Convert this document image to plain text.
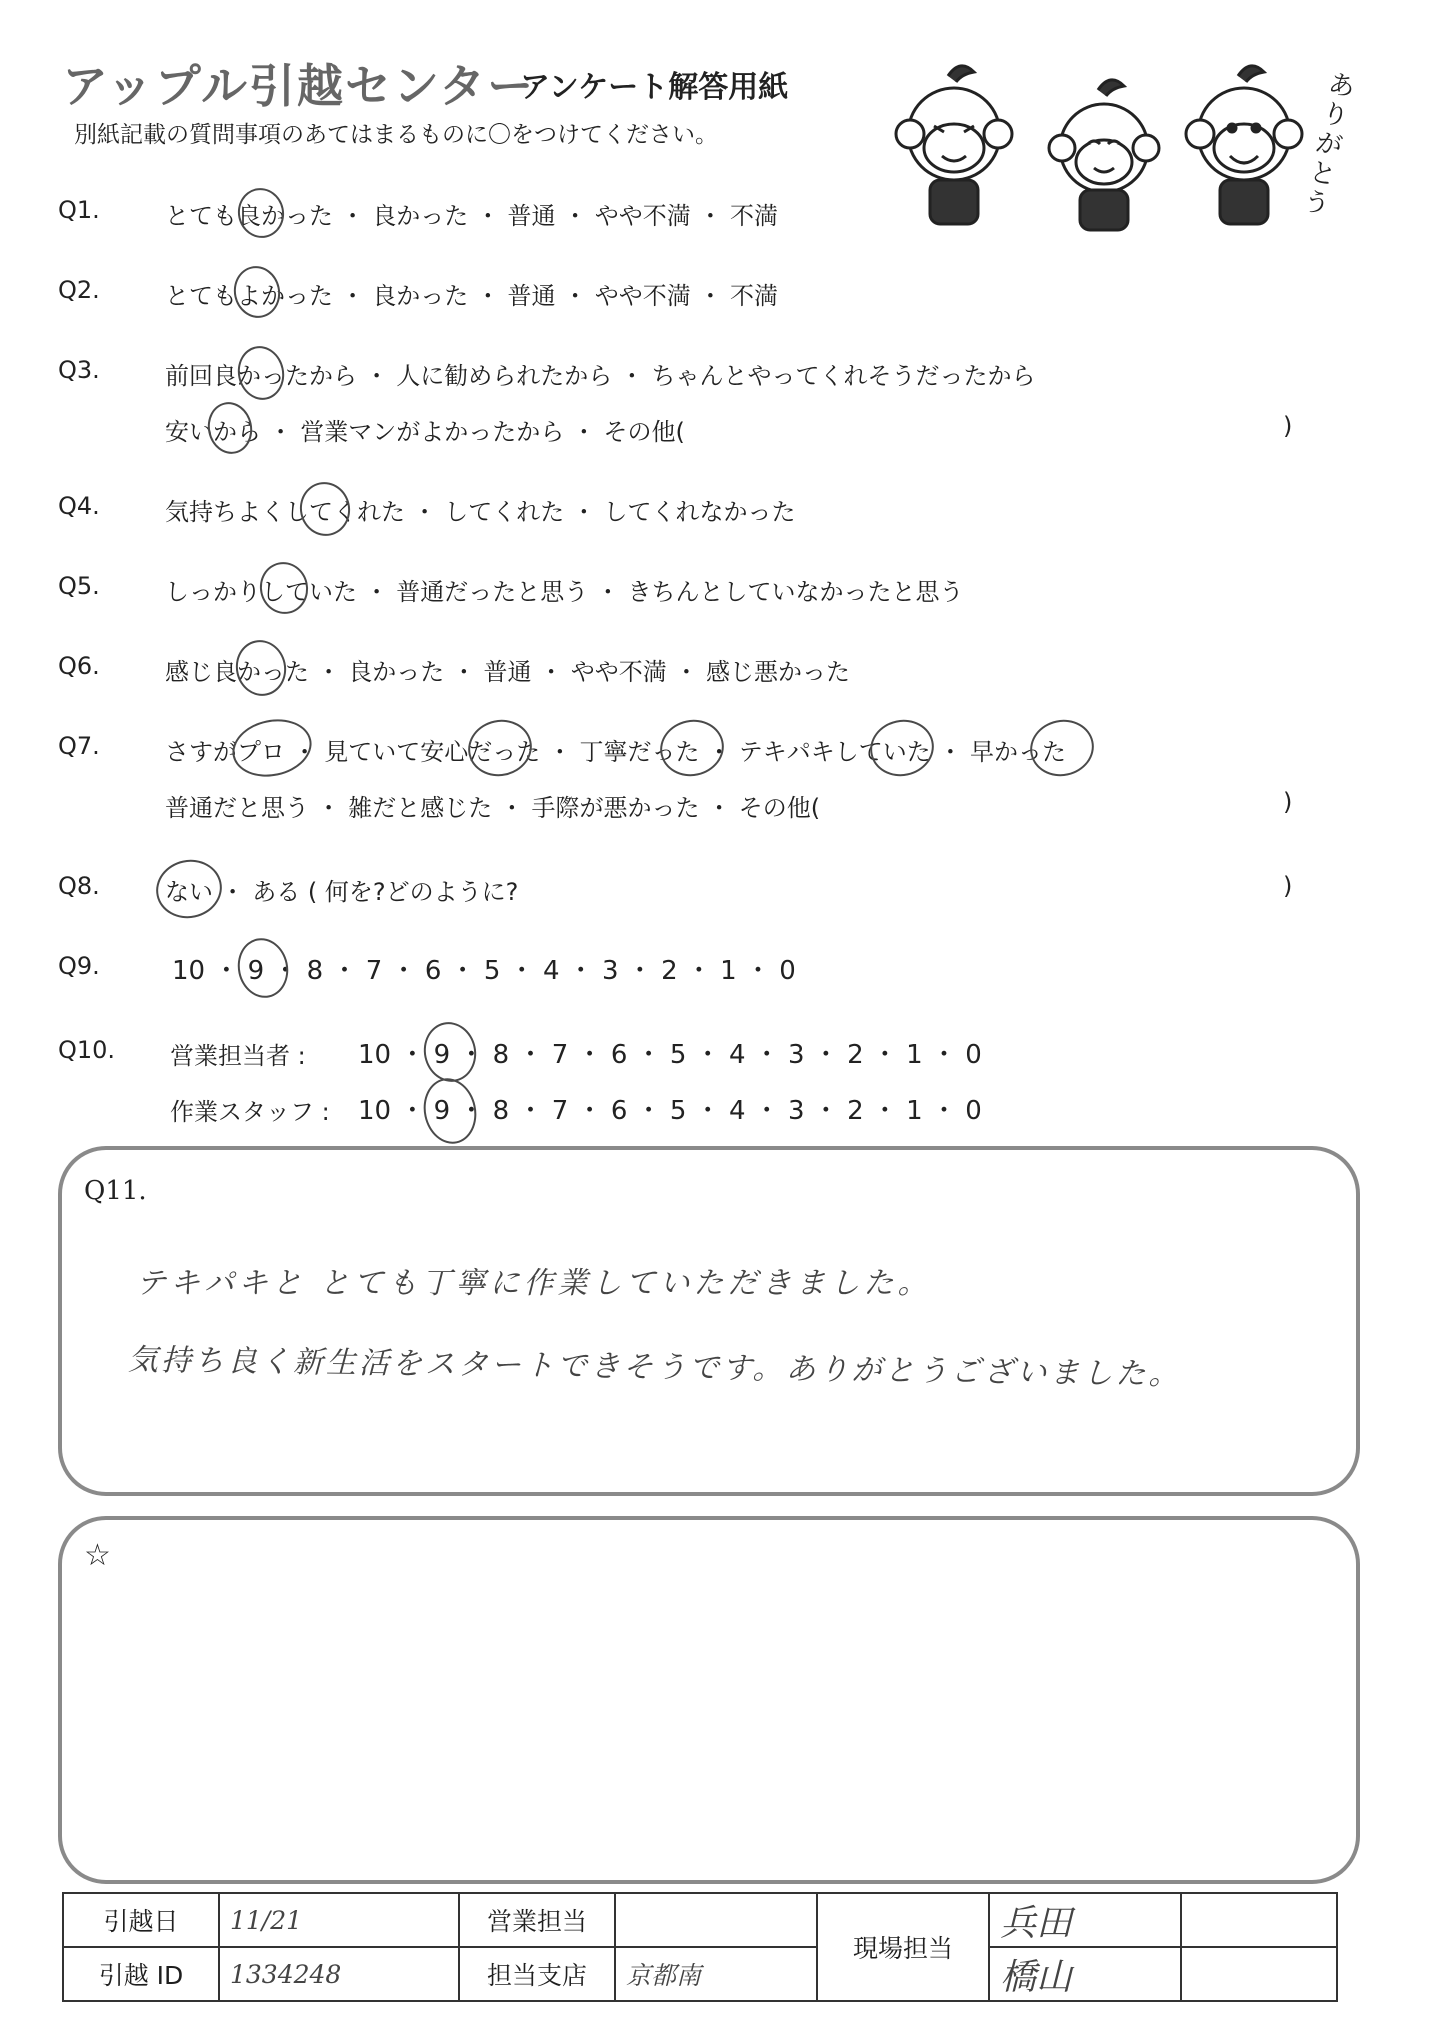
アップル引越センター
アンケート解答用紙
別紙記載の質問事項のあてはまるものに〇をつけてください。
ありがとう
Q1.	とても良かった ・ 良かった ・ 普通 ・ やや不満 ・ 不満
Q2.	とてもよかった ・ 良かった ・ 普通 ・ やや不満 ・ 不満
Q3.	前回良かったから ・ 人に勧められたから ・ ちゃんとやってくれそうだったから
安いから ・ 営業マンがよかったから ・ その他(	)
Q4.	気持ちよくしてくれた ・ してくれた ・ してくれなかった
Q5.	しっかりしていた ・ 普通だったと思う ・ きちんとしていなかったと思う
Q6.	感じ良かった ・ 良かった ・ 普通 ・ やや不満 ・ 感じ悪かった
Q7.	さすがプロ ・ 見ていて安心だった ・ 丁寧だった ・ テキパキしていた ・ 早かった
普通だと思う ・ 雑だと感じた ・ 手際が悪かった ・ その他(	)
Q8.	ない ・ ある ( 何を?どのように?	)
Q9.	10 ・ 9 ・ 8 ・ 7 ・ 6 ・ 5 ・ 4 ・ 3 ・ 2 ・ 1 ・ 0
Q10. 営業担当者 : 10 ・ 9 ・ 8 ・ 7 ・ 6 ・ 5 ・ 4 ・ 3 ・ 2 ・ 1 ・ 0
作業スタッフ : 10 ・ 9 ・ 8 ・ 7 ・ 6 ・ 5 ・ 4 ・ 3 ・ 2 ・ 1 ・ 0
Q11.
テキパキと とても丁寧に作業していただきました。
気持ち良く新生活をスタートできそうです。ありがとうございました。
☆
引越日	11/21	営業担当		現場担当	兵田	
引越 ID	1334248	担当支店	京都南		橋山	
